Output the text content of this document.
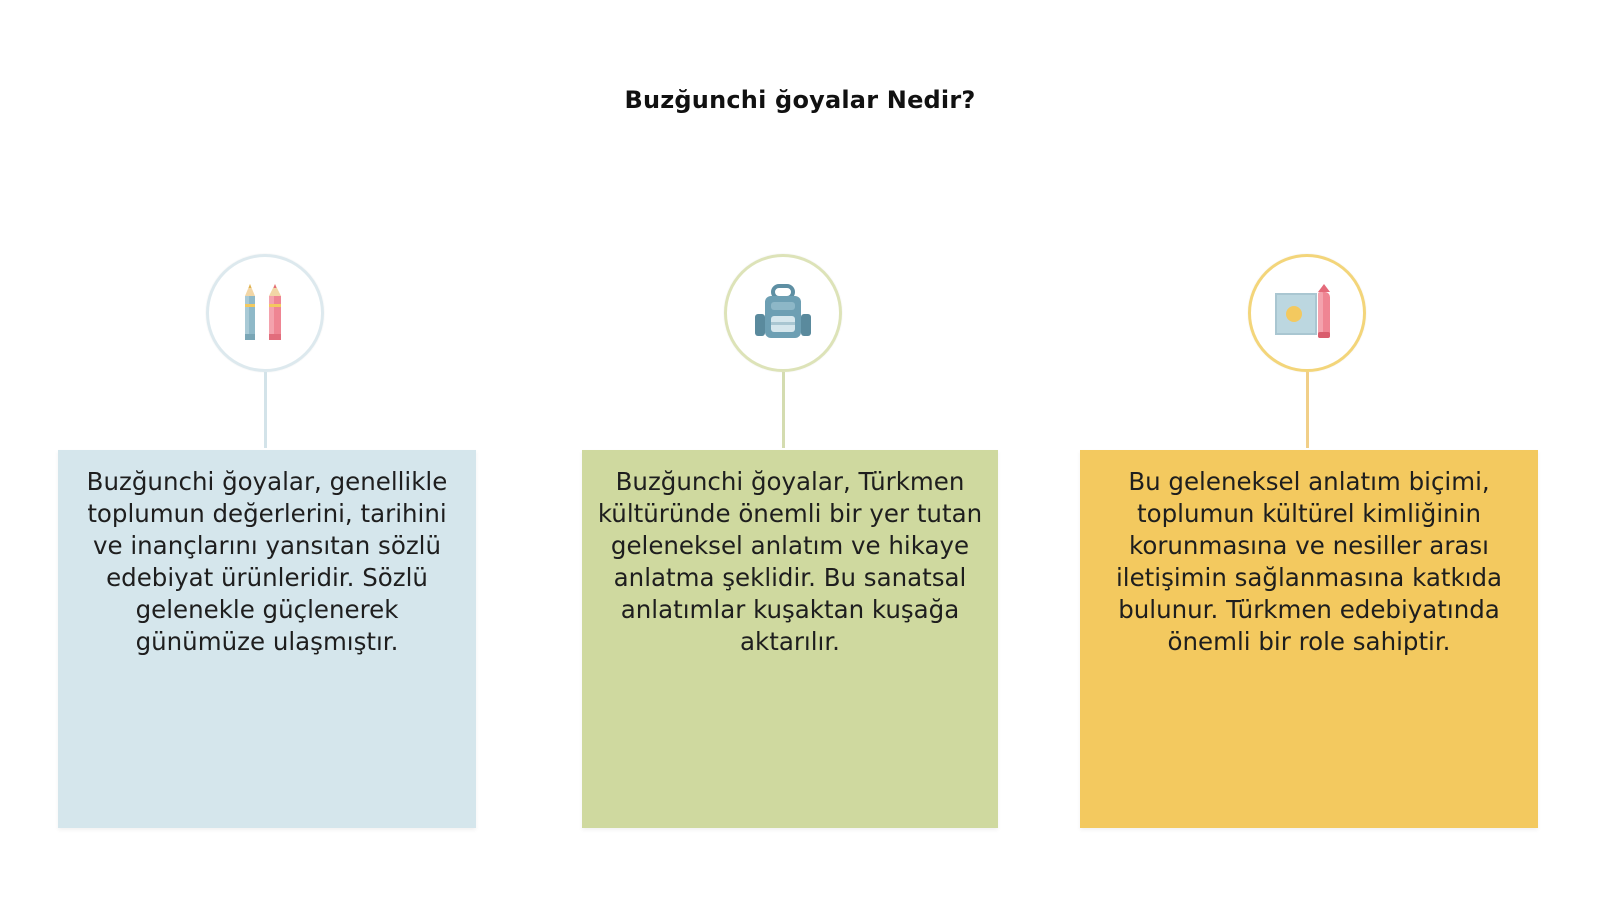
Buzğunchi ğoyalar Nedir?
Buzğunchi ğoyalar, genellikle toplumun değerlerini, tarihini ve inançlarını yansıtan sözlü edebiyat ürünleridir. Sözlü gelenekle güçlenerek günümüze ulaşmıştır.
Buzğunchi ğoyalar, Türkmen kültüründe önemli bir yer tutan geleneksel anlatım ve hikaye anlatma şeklidir. Bu sanatsal anlatımlar kuşaktan kuşağa aktarılır.
Bu geleneksel anlatım biçimi, toplumun kültürel kimliğinin korunmasına ve nesiller arası iletişimin sağlanmasına katkıda bulunur. Türkmen edebiyatında önemli bir role sahiptir.
